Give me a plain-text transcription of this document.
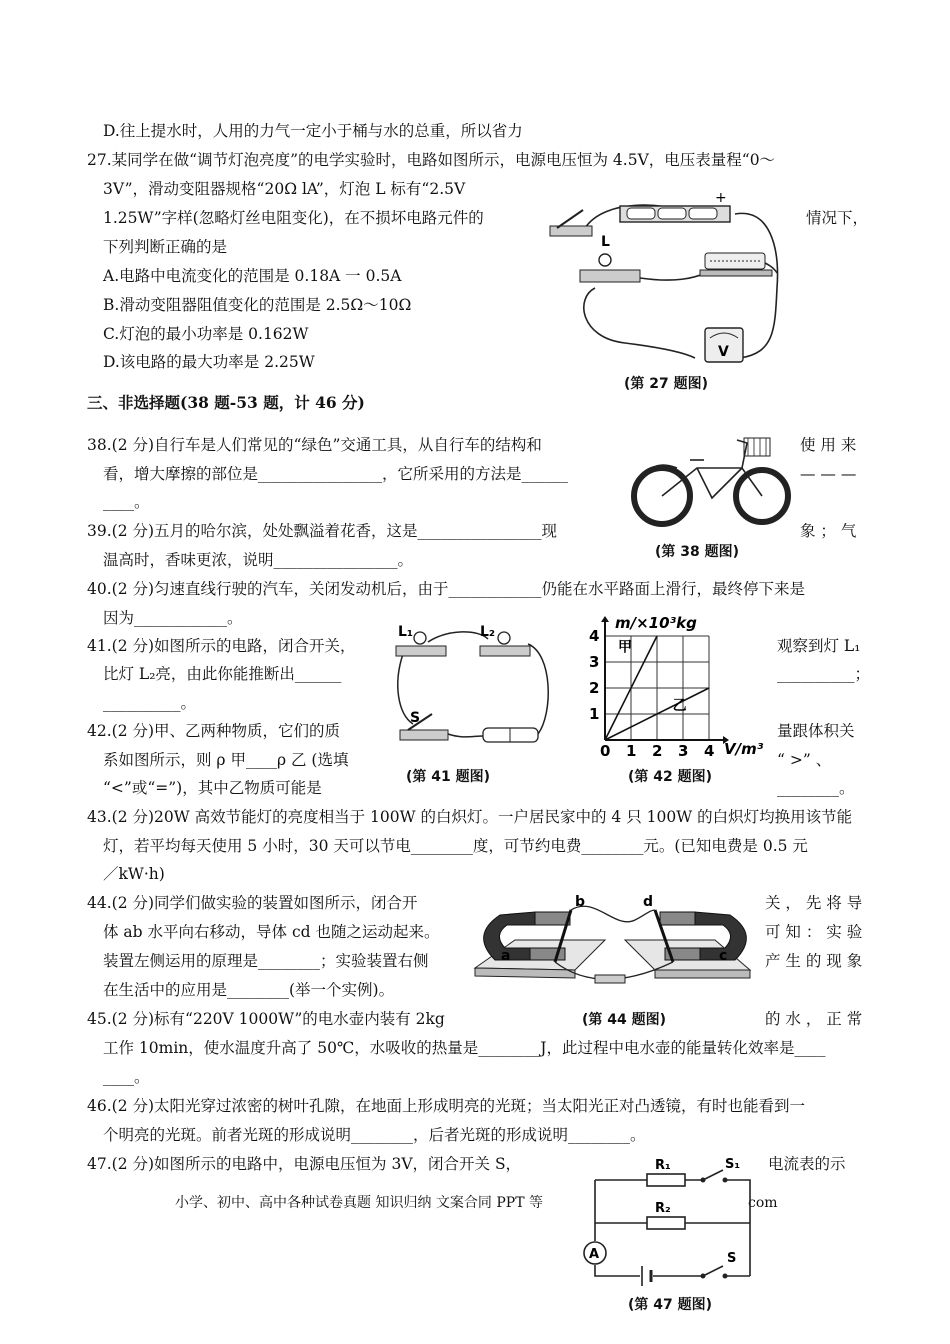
D.往上提水时，人用的力气一定小于桶与水的总重，所以省力
27.某同学在做“调节灯泡亮度”的电学实验时，电路如图所示，电源电压恒为 4.5V，电压表量程“0～
3V”，滑动变阻器规格“20Ω lA”，灯泡 L 标有“2.5V
1.25W”字样(忽略灯丝电阻变化)，在不损坏电路元件的	情况下，
下列判断正确的是
A.电路中电流变化的范围是 0.18A 一 0.5A
B.滑动变阻器阻值变化的范围是 2.5Ω～10Ω
C.灯泡的最小功率是 0.162W
D.该电路的最大功率是 2.25W
三、非选择题(38 题-53 题，计 46 分)
38.(2 分)自行车是人们常见的“绿色”交通工具，从自行车的结构和	使 用 来
看，增大摩擦的部位是________________，它所采用的方法是______	— — —
____。
39.(2 分)五月的哈尔滨，处处飘溢着花香，这是________________现	象 ； 气
温高时，香味更浓，说明________________。
40.(2 分)匀速直线行驶的汽车，关闭发动机后，由于____________仍能在水平路面上滑行，最终停下来是
因为____________。
41.(2 分)如图所示的电路，闭合开关，	观察到灯 L₁
比灯 L₂亮，由此你能推断出______	__________；
__________。
42.(2 分)甲、乙两种物质，它们的质	量跟体积关
系如图所示，则 ρ 甲____ρ 乙 (选填	“ >” 、
“<”或“=”)，其中乙物质可能是	________。
43.(2 分)20W 高效节能灯的亮度相当于 100W 的白炽灯。一户居民家中的 4 只 100W 的白炽灯均换用该节能
灯，若平均每天使用 5 小时，30 天可以节电________度，可节约电费________元。(已知电费是 0.5 元
／kW·h)
44.(2 分)同学们做实验的装置如图所示，闭合开	关 ， 先 将 导
体 ab 水平向右移动，导体 cd 也随之运动起来。	可 知 ： 实 验
装置左侧运用的原理是________；实验装置右侧	产 生 的 现 象
在生活中的应用是________(举一个实例)。
45.(2 分)标有“220V 1000W”的电水壶内装有 2kg	的 水 ， 正 常
工作 10min，使水温度升高了 50℃，水吸收的热量是________J，此过程中电水壶的能量转化效率是____
____。
46.(2 分)太阳光穿过浓密的树叶孔隙，在地面上形成明亮的光斑；当太阳光正对凸透镜，有时也能看到一
个明亮的光斑。前者光斑的形成说明________，后者光斑的形成说明________。
47.(2 分)如图所示的电路中，电源电压恒为 3V，闭合开关 S，	电流表的示
小学、初中、高中各种试卷真题 知识归纳 文案合同 PPT 等	com
+
L
V
(第 27 题图)
(第 38 题图)
L₁	L₂
S
(第 41 题图)
甲
乙
0 1 2 3 4
1
2
3
4
m/×10³kg
V/m³
(第 42 题图)
b	d
a	c
(第 44 题图)
A
R₁
R₂
S₁
S
(第 47 题图)
